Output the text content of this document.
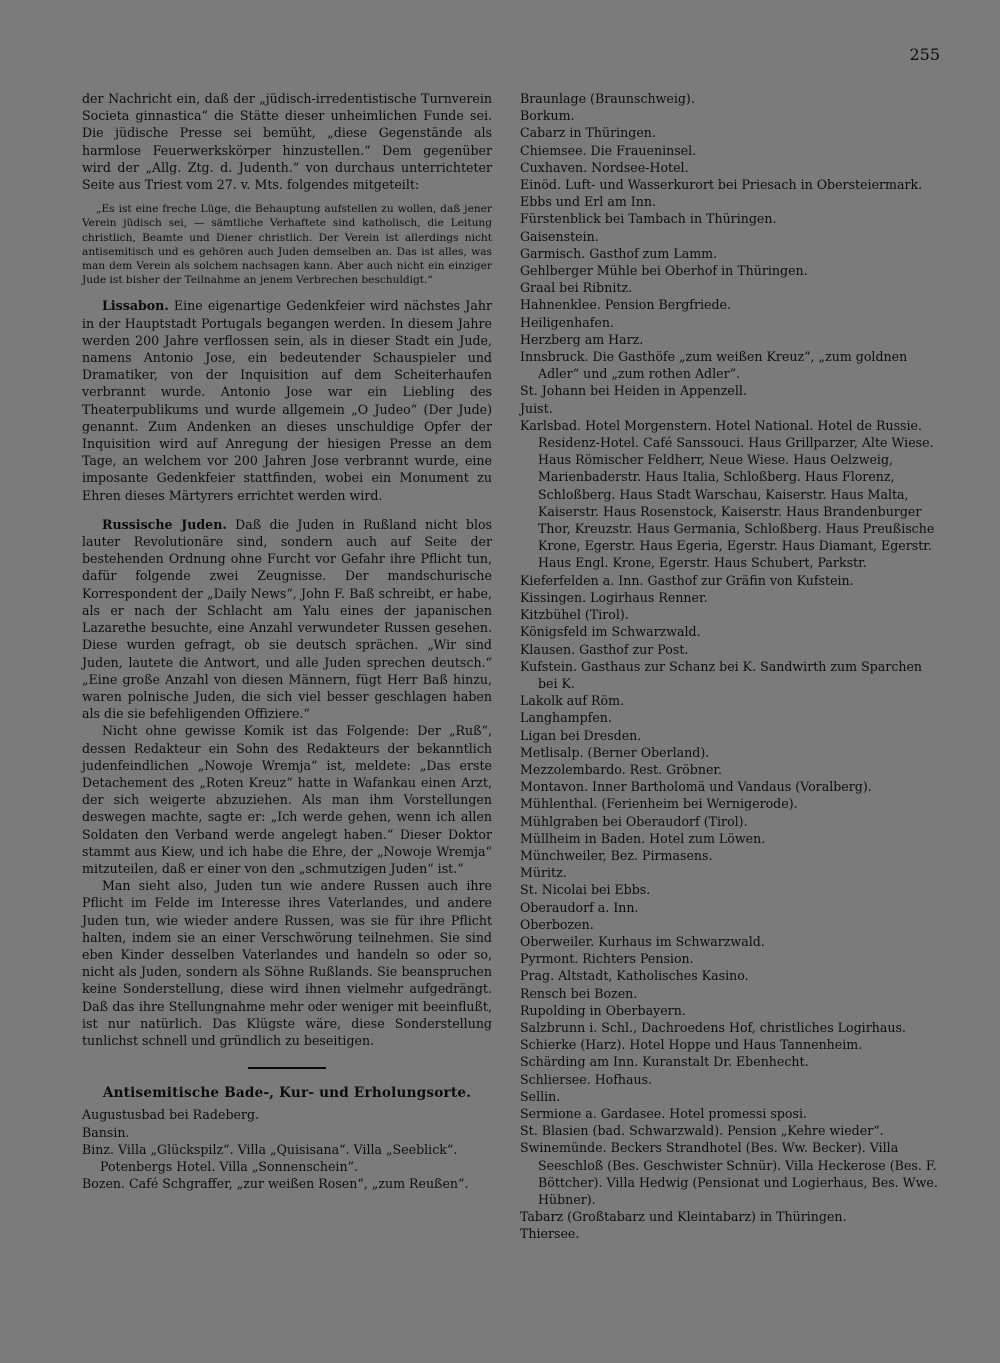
255

der Nachricht ein, daß der „jüdisch-irredentistische Turnverein Societa ginnastica“ die Stätte dieser unheimlichen Funde sei. Die jüdische Presse sei bemüht, „diese Gegenstände als harmlose Feuerwerkskörper hinzustellen.“ Dem gegenüber wird der „Allg. Ztg. d. Judenth.“ von durchaus unterrichteter Seite aus Triest vom 27. v. Mts. folgendes mitgeteilt:

„Es ist eine freche Lüge, die Behauptung aufstellen zu wollen, daß jener Verein jüdisch sei, — sämtliche Verhaftete sind katholisch, die Leitung christlich, Beamte und Diener christlich. Der Verein ist allerdings nicht antisemitisch und es gehören auch Juden demselben an. Das ist alles, was man dem Verein als solchem nachsagen kann. Aber auch nicht ein einziger Jude ist bisher der Teilnahme an jenem Verbrechen beschuldigt.“

Lissabon. Eine eigenartige Gedenkfeier wird nächstes Jahr in der Hauptstadt Portugals begangen werden. In diesem Jahre werden 200 Jahre verflossen sein, als in dieser Stadt ein Jude, namens Antonio Jose, ein bedeutender Schauspieler und Dramatiker, von der Inquisition auf dem Scheiterhaufen verbrannt wurde. Antonio Jose war ein Liebling des Theaterpublikums und wurde allgemein „O Judeo“ (Der Jude) genannt. Zum Andenken an dieses unschuldige Opfer der Inquisition wird auf Anregung der hiesigen Presse an dem Tage, an welchem vor 200 Jahren Jose verbrannt wurde, eine imposante Gedenkfeier stattfinden, wobei ein Monument zu Ehren dieses Märtyrers errichtet werden wird.

Russische Juden. Daß die Juden in Rußland nicht blos lauter Revolutionäre sind, sondern auch auf Seite der bestehenden Ordnung ohne Furcht vor Gefahr ihre Pflicht tun, dafür folgende zwei Zeugnisse. Der mandschurische Korrespondent der „Daily News“, John F. Baß schreibt, er habe, als er nach der Schlacht am Yalu eines der japanischen Lazarethe besuchte, eine Anzahl verwundeter Russen gesehen. Diese wurden gefragt, ob sie deutsch sprächen. „Wir sind Juden, lautete die Antwort, und alle Juden sprechen deutsch.“ „Eine große Anzahl von diesen Männern, fügt Herr Baß hinzu, waren polnische Juden, die sich viel besser geschlagen haben als die sie befehligenden Offiziere.“

Nicht ohne gewisse Komik ist das Folgende: Der „Ruß“, dessen Redakteur ein Sohn des Redakteurs der bekanntlich judenfeindlichen „Nowoje Wremja“ ist, meldete: „Das erste Detachement des „Roten Kreuz“ hatte in Wafankau einen Arzt, der sich weigerte abzuziehen. Als man ihm Vorstellungen deswegen machte, sagte er: „Ich werde gehen, wenn ich allen Soldaten den Verband werde angelegt haben.“ Dieser Doktor stammt aus Kiew, und ich habe die Ehre, der „Nowoje Wremja“ mitzuteilen, daß er einer von den „schmutzigen Juden“ ist.“

Man sieht also, Juden tun wie andere Russen auch ihre Pflicht im Felde im Interesse ihres Vaterlandes, und andere Juden tun, wie wieder andere Russen, was sie für ihre Pflicht halten, indem sie an einer Verschwörung teilnehmen. Sie sind eben Kinder desselben Vaterlandes und handeln so oder so, nicht als Juden, sondern als Söhne Rußlands. Sie beanspruchen keine Sonderstellung, diese wird ihnen vielmehr aufgedrängt. Daß das ihre Stellungnahme mehr oder weniger mit beeinflußt, ist nur natürlich. Das Klügste wäre, diese Sonderstellung tunlichst schnell und gründlich zu beseitigen.

Antisemitische Bade-, Kur- und Erholungsorte.

Augustusbad bei Radeberg.

Bansin.

Binz. Villa „Glückspilz“. Villa „Quisisana“. Villa „Seeblick“. Potenbergs Hotel. Villa „Sonnenschein“.

Bozen. Café Schgraffer, „zur weißen Rosen“, „zum Reußen“.

Braunlage (Braunschweig).

Borkum.

Cabarz in Thüringen.

Chiemsee. Die Fraueninsel.

Cuxhaven. Nordsee-Hotel.

Einöd. Luft- und Wasserkurort bei Priesach in Obersteiermark.

Ebbs und Erl am Inn.

Fürstenblick bei Tambach in Thüringen.

Gaisenstein.

Garmisch. Gasthof zum Lamm.

Gehlberger Mühle bei Oberhof in Thüringen.

Graal bei Ribnitz.

Hahnenklee. Pension Bergfriede.

Heiligenhafen.

Herzberg am Harz.

Innsbruck. Die Gasthöfe „zum weißen Kreuz“, „zum goldnen Adler“ und „zum rothen Adler“.

St. Johann bei Heiden in Appenzell.

Juist.

Karlsbad. Hotel Morgenstern. Hotel National. Hotel de Russie. Residenz-Hotel. Café Sanssouci. Haus Grillparzer, Alte Wiese. Haus Römischer Feldherr, Neue Wiese. Haus Oelzweig, Marienbaderstr. Haus Italia, Schloßberg. Haus Florenz, Schloßberg. Haus Stadt Warschau, Kaiserstr. Haus Malta, Kaiserstr. Haus Rosenstock, Kaiserstr. Haus Brandenburger Thor, Kreuzstr. Haus Germania, Schloßberg. Haus Preußische Krone, Egerstr. Haus Egeria, Egerstr. Haus Diamant, Egerstr. Haus Engl. Krone, Egerstr. Haus Schubert, Parkstr.

Kieferfelden a. Inn. Gasthof zur Gräfin von Kufstein.

Kissingen. Logirhaus Renner.

Kitzbühel (Tirol).

Königsfeld im Schwarzwald.

Klausen. Gasthof zur Post.

Kufstein. Gasthaus zur Schanz bei K. Sandwirth zum Sparchen bei K.

Lakolk auf Röm.

Langhampfen.

Ligan bei Dresden.

Metlisalp. (Berner Oberland).

Mezzolembardo. Rest. Gröbner.

Montavon. Inner Bartholomä und Vandaus (Voralberg).

Mühlenthal. (Ferienheim bei Wernigerode).

Mühlgraben bei Oberaudorf (Tirol).

Müllheim in Baden. Hotel zum Löwen.

Münchweiler, Bez. Pirmasens.

Müritz.

St. Nicolai bei Ebbs.

Oberaudorf a. Inn.

Oberbozen.

Oberweiler. Kurhaus im Schwarzwald.

Pyrmont. Richters Pension.

Prag. Altstadt, Katholisches Kasino.

Rensch bei Bozen.

Rupolding in Oberbayern.

Salzbrunn i. Schl., Dachroedens Hof, christliches Logirhaus.

Schierke (Harz). Hotel Hoppe und Haus Tannenheim.

Schärding am Inn. Kuranstalt Dr. Ebenhecht.

Schliersee. Hofhaus.

Sellin.

Sermione a. Gardasee. Hotel promessi sposi.

St. Blasien (bad. Schwarzwald). Pension „Kehre wieder“.

Swinemünde. Beckers Strandhotel (Bes. Ww. Becker). Villa Seeschloß (Bes. Geschwister Schnür). Villa Heckerose (Bes. F. Böttcher). Villa Hedwig (Pensionat und Logierhaus, Bes. Wwe. Hübner).

Tabarz (Großtabarz und Kleintabarz) in Thüringen.

Thiersee.
